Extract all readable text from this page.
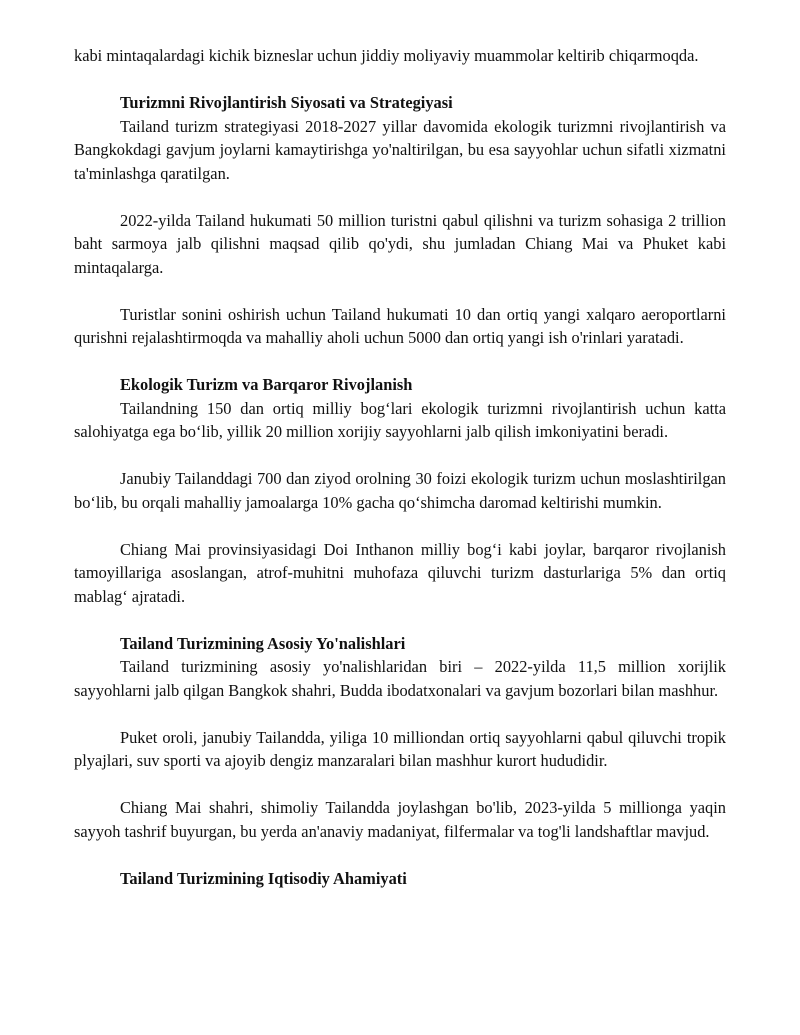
kabi mintaqalardagi kichik bizneslar uchun jiddiy moliyaviy muammolar keltirib chiqarmoqda.

Turizmni Rivojlantirish Siyosati va Strategiyasi

Tailand turizm strategiyasi 2018-2027 yillar davomida ekologik turizmni rivojlantirish va Bangkokdagi gavjum joylarni kamaytirishga yo'naltirilgan, bu esa sayyohlar uchun sifatli xizmatni ta'minlashga qaratilgan.

2022-yilda Tailand hukumati 50 million turistni qabul qilishni va turizm sohasiga 2 trillion baht sarmoya jalb qilishni maqsad qilib qo'ydi, shu jumladan Chiang Mai va Phuket kabi mintaqalarga.

Turistlar sonini oshirish uchun Tailand hukumati 10 dan ortiq yangi xalqaro aeroportlarni qurishni rejalashtirmoqda va mahalliy aholi uchun 5000 dan ortiq yangi ish o'rinlari yaratadi.

Ekologik Turizm va Barqaror Rivojlanish

Tailandning 150 dan ortiq milliy bog‘lari ekologik turizmni rivojlantirish uchun katta salohiyatga ega bo‘lib, yillik 20 million xorijiy sayyohlarni jalb qilish imkoniyatini beradi.

Janubiy Tailanddagi 700 dan ziyod orolning 30 foizi ekologik turizm uchun moslashtirilgan bo‘lib, bu orqali mahalliy jamoalarga 10% gacha qo‘shimcha daromad keltirishi mumkin.

Chiang Mai provinsiyasidagi Doi Inthanon milliy bog‘i kabi joylar, barqaror rivojlanish tamoyillariga asoslangan, atrof-muhitni muhofaza qiluvchi turizm dasturlariga 5% dan ortiq mablag‘ ajratadi.

Tailand Turizmining Asosiy Yo'nalishlari

Tailand turizmining asosiy yo'nalishlaridan biri – 2022-yilda 11,5 million xorijlik sayyohlarni jalb qilgan Bangkok shahri, Budda ibodatxonalari va gavjum bozorlari bilan mashhur.

Puket oroli, janubiy Tailandda, yiliga 10 milliondan ortiq sayyohlarni qabul qiluvchi tropik plyajlari, suv sporti va ajoyib dengiz manzaralari bilan mashhur kurort hududidir.

Chiang Mai shahri, shimoliy Tailandda joylashgan bo'lib, 2023-yilda 5 millionga yaqin sayyoh tashrif buyurgan, bu yerda an'anaviy madaniyat, filfermalar va tog'li landshaftlar mavjud.

Tailand Turizmining Iqtisodiy Ahamiyati
